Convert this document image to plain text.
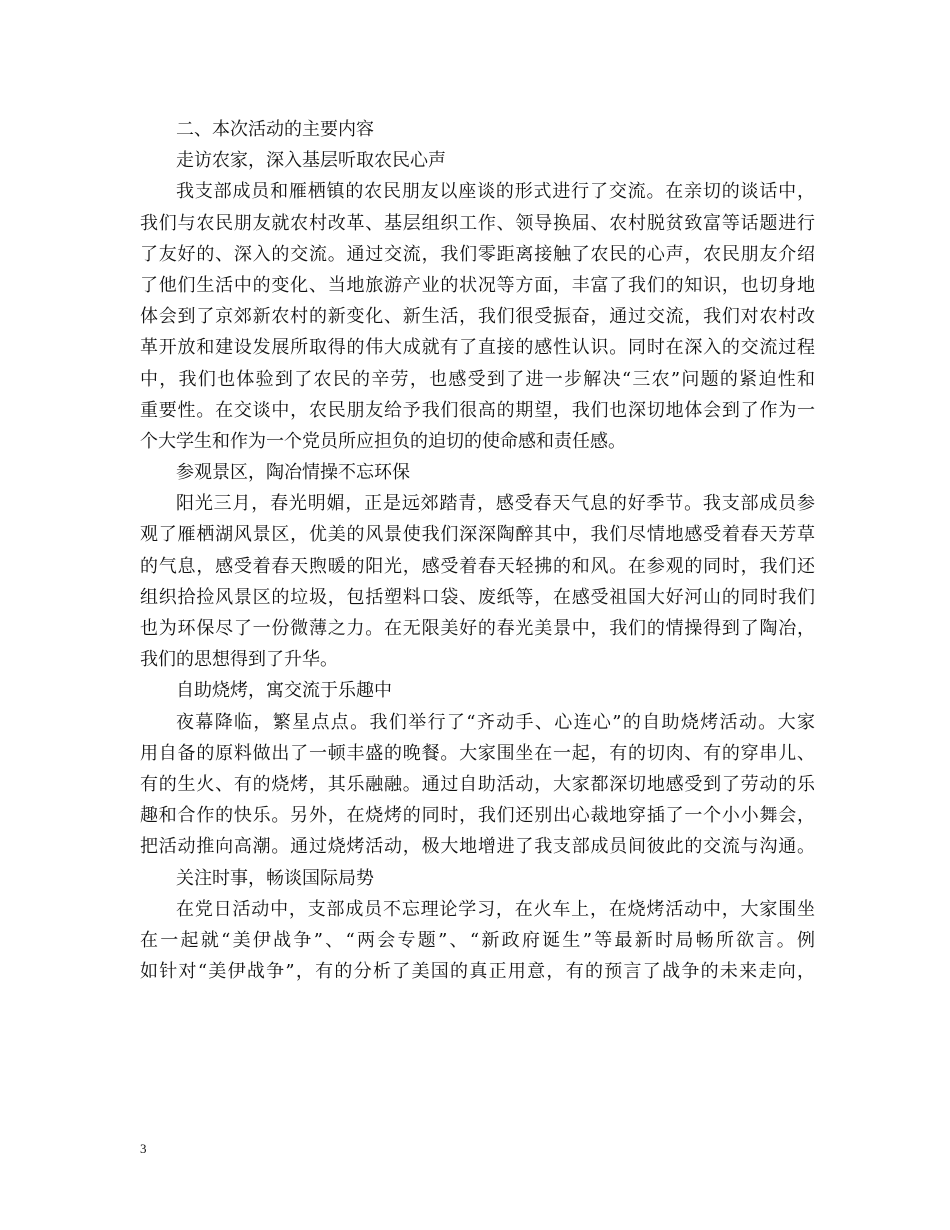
二、本次活动的主要内容
走访农家，深入基层听取农民心声
我支部成员和雁栖镇的农民朋友以座谈的形式进行了交流。在亲切的谈话中，
我们与农民朋友就农村改革、基层组织工作、领导换届、农村脱贫致富等话题进行
了友好的、深入的交流。通过交流，我们零距离接触了农民的心声，农民朋友介绍
了他们生活中的变化、当地旅游产业的状况等方面，丰富了我们的知识，也切身地
体会到了京郊新农村的新变化、新生活，我们很受振奋，通过交流，我们对农村改
革开放和建设发展所取得的伟大成就有了直接的感性认识。同时在深入的交流过程
中，我们也体验到了农民的辛劳，也感受到了进一步解决“三农”问题的紧迫性和
重要性。在交谈中，农民朋友给予我们很高的期望，我们也深切地体会到了作为一
个大学生和作为一个党员所应担负的迫切的使命感和责任感。
参观景区，陶冶情操不忘环保
阳光三月，春光明媚，正是远郊踏青，感受春天气息的好季节。我支部成员参
观了雁栖湖风景区，优美的风景使我们深深陶醉其中，我们尽情地感受着春天芳草
的气息，感受着春天煦暖的阳光，感受着春天轻拂的和风。在参观的同时，我们还
组织拾捡风景区的垃圾，包括塑料口袋、废纸等，在感受祖国大好河山的同时我们
也为环保尽了一份微薄之力。在无限美好的春光美景中，我们的情操得到了陶冶，
我们的思想得到了升华。
自助烧烤，寓交流于乐趣中
夜幕降临，繁星点点。我们举行了“齐动手、心连心”的自助烧烤活动。大家
用自备的原料做出了一顿丰盛的晚餐。大家围坐在一起，有的切肉、有的穿串儿、
有的生火、有的烧烤，其乐融融。通过自助活动，大家都深切地感受到了劳动的乐
趣和合作的快乐。另外，在烧烤的同时，我们还别出心裁地穿插了一个小小舞会，
把活动推向高潮。通过烧烤活动，极大地增进了我支部成员间彼此的交流与沟通。
关注时事，畅谈国际局势
在党日活动中，支部成员不忘理论学习，在火车上，在烧烤活动中，大家围坐
在一起就“美伊战争”、“两会专题”、“新政府诞生”等最新时局畅所欲言。例
如针对“美伊战争”，有的分析了美国的真正用意，有的预言了战争的未来走向，
3
